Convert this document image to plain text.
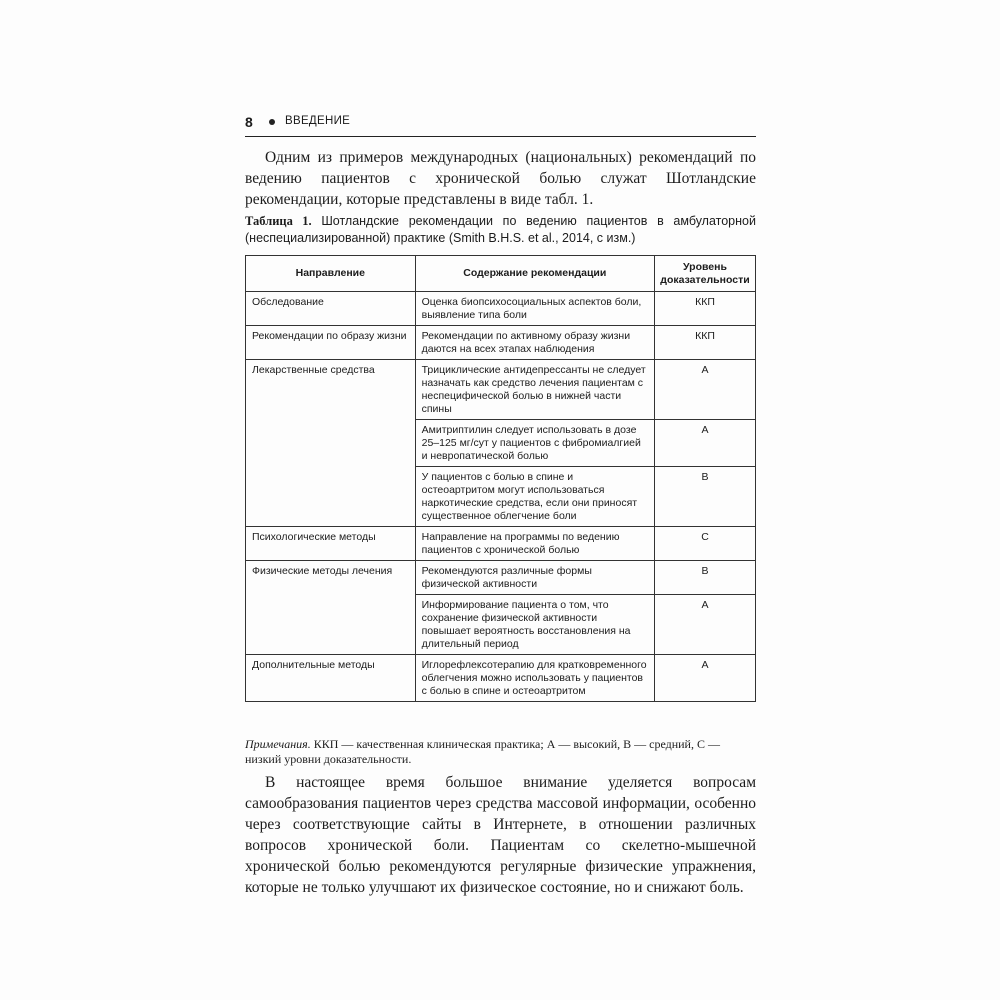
8	ВВЕДЕНИЕ

Одним из примеров международных (национальных) рекомендаций по ведению пациентов с хронической болью служат Шотландские рекомендации, которые представлены в виде табл. 1.

Таблица 1. Шотландские рекомендации по ведению пациентов в амбулаторной (неспециализированной) практике (Smith B.H.S. et al., 2014, с изм.)
Направление	Содержание рекомендации	Уровень доказательности
Обследование	Оценка биопсихосоциальных аспектов боли, выявление типа боли	ККП
Рекомендации по образу жизни	Рекомендации по активному образу жизни даются на всех этапах наблюдения	ККП
Лекарственные средства	Трициклические антидепрессанты не следует назначать как средство лечения пациентам с неспецифической болью в нижней части спины	A
	Амитриптилин следует использовать в дозе 25–125 мг/сут у пациентов с фибромиалгией и невропатической болью	A
	У пациентов с болью в спине и остеоартритом могут использоваться наркотические средства, если они приносят существенное облегчение боли	B
Психологические методы	Направление на программы по ведению пациентов с хронической болью	C
Физические методы лечения	Рекомендуются различные формы физической активности	B
	Информирование пациента о том, что сохранение физической активности повышает вероятность восстановления на длительный период	A
Дополнительные методы	Иглорефлексотерапию для кратковременного облегчения можно использовать у пациентов с болью в спине и остеоартритом	A
Примечания. ККП — качественная клиническая практика; А — высокий, В — средний, С — низкий уровни доказательности.

В настоящее время большое внимание уделяется вопросам самообразования пациентов через средства массовой информации, особенно через соответствующие сайты в Интернете, в отношении различных вопросов хронической боли. Пациентам со скелетно-мышечной хронической болью рекомендуются регулярные физические упражнения, которые не только улучшают их физическое состояние, но и снижают боль.
